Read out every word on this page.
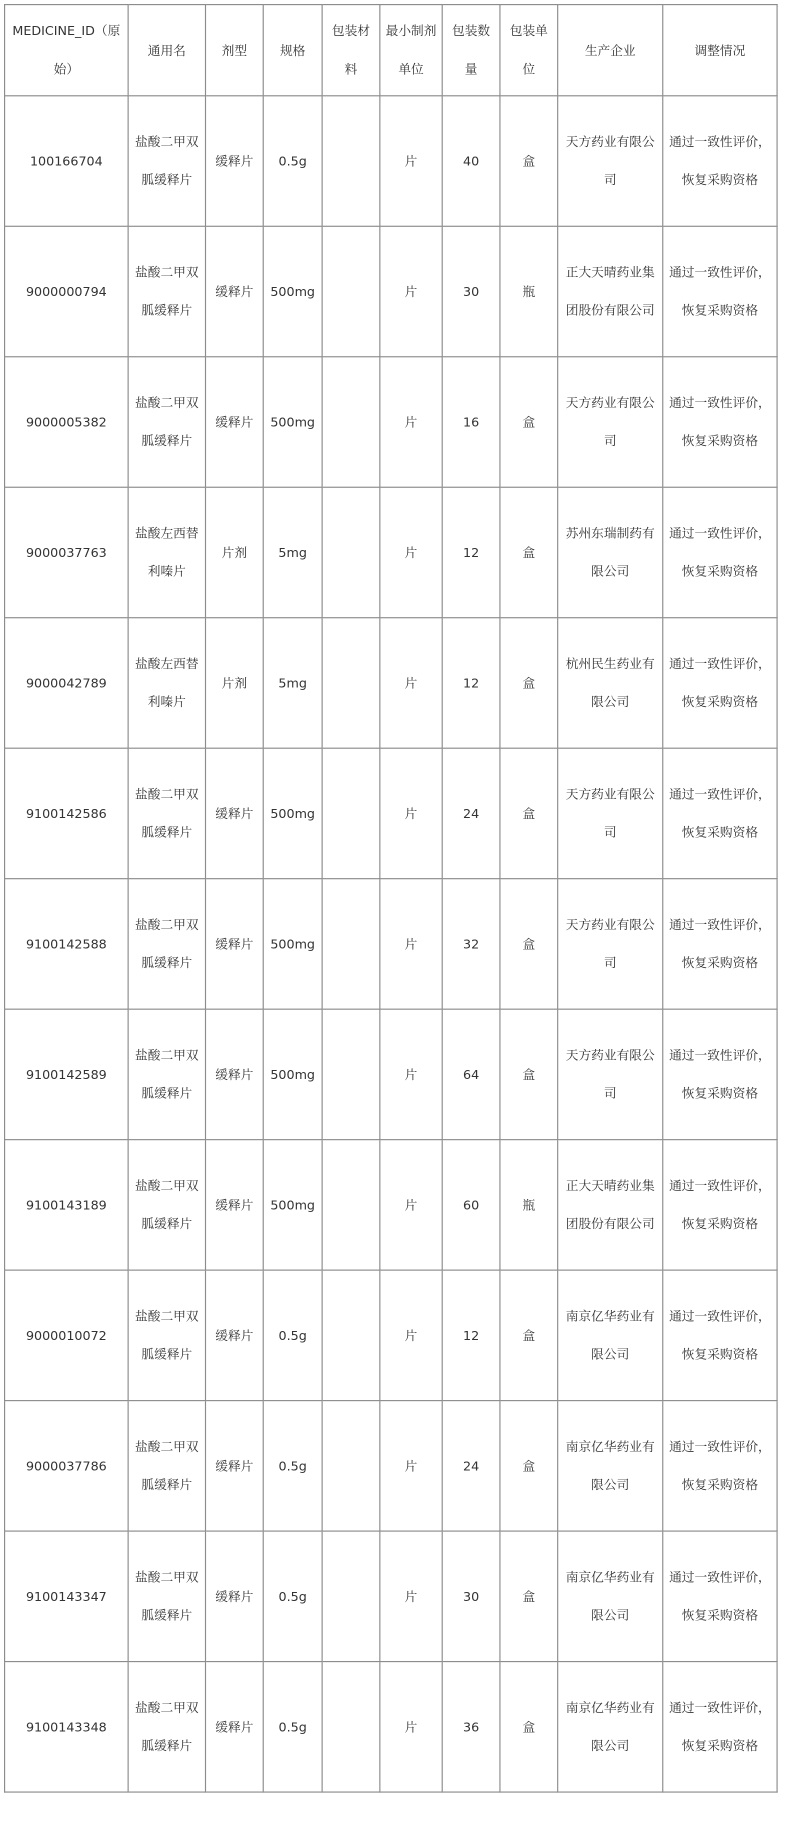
MEDICINE_ID（原始）	通用名	剂型	规格	包装材料	最小制剂单位	包装数量	包装单位	生产企业	调整情况
100166704	盐酸二甲双胍缓释片	缓释片	0.5g		片	40	盒	天方药业有限公司	通过一致性评价，恢复采购资格
9000000794	盐酸二甲双胍缓释片	缓释片	500mg		片	30	瓶	正大天晴药业集团股份有限公司	通过一致性评价，恢复采购资格
9000005382	盐酸二甲双胍缓释片	缓释片	500mg		片	16	盒	天方药业有限公司	通过一致性评价，恢复采购资格
9000037763	盐酸左西替利嗪片	片剂	5mg		片	12	盒	苏州东瑞制药有限公司	通过一致性评价，恢复采购资格
9000042789	盐酸左西替利嗪片	片剂	5mg		片	12	盒	杭州民生药业有限公司	通过一致性评价，恢复采购资格
9100142586	盐酸二甲双胍缓释片	缓释片	500mg		片	24	盒	天方药业有限公司	通过一致性评价，恢复采购资格
9100142588	盐酸二甲双胍缓释片	缓释片	500mg		片	32	盒	天方药业有限公司	通过一致性评价，恢复采购资格
9100142589	盐酸二甲双胍缓释片	缓释片	500mg		片	64	盒	天方药业有限公司	通过一致性评价，恢复采购资格
9100143189	盐酸二甲双胍缓释片	缓释片	500mg		片	60	瓶	正大天晴药业集团股份有限公司	通过一致性评价，恢复采购资格
9000010072	盐酸二甲双胍缓释片	缓释片	0.5g		片	12	盒	南京亿华药业有限公司	通过一致性评价，恢复采购资格
9000037786	盐酸二甲双胍缓释片	缓释片	0.5g		片	24	盒	南京亿华药业有限公司	通过一致性评价，恢复采购资格
9100143347	盐酸二甲双胍缓释片	缓释片	0.5g		片	30	盒	南京亿华药业有限公司	通过一致性评价，恢复采购资格
9100143348	盐酸二甲双胍缓释片	缓释片	0.5g		片	36	盒	南京亿华药业有限公司	通过一致性评价，恢复采购资格
